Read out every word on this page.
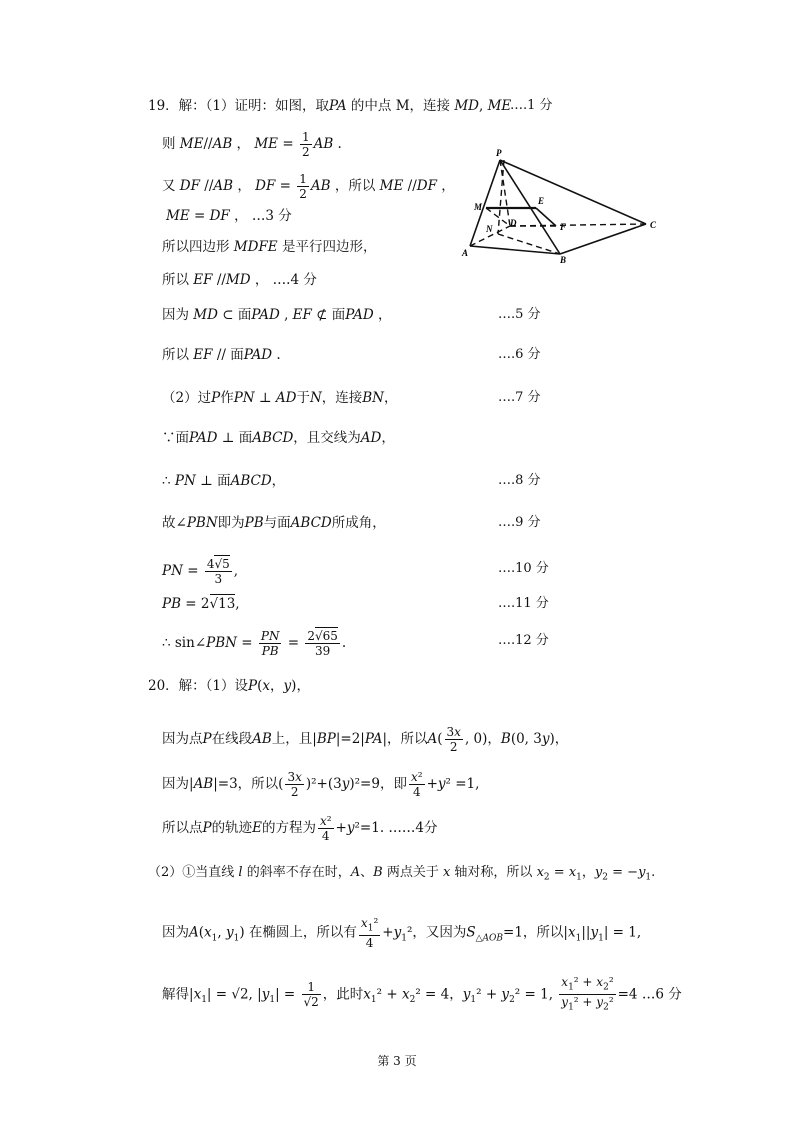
19．解：（1）证明：如图，取PA 的中点 M，连接 MD, ME
….1 分
则 ME//AB ， ME = $\frac{1}{2}$ AB .
又 DF //AB ， DF = $\frac{1}{2}$ AB ，所以 ME //DF ，
ME = DF ， …3 分
所以四边形 MDFE 是平行四边形，
所以 EF //MD ， ….4 分
P
M
E
D	F	C
A
N
B
因为 MD ⊂ 面PAD , EF ⊄ 面PAD ，	….5 分
所以 EF // 面PAD .	….6 分
（2）过P作PN ⊥ AD于N，连接BN，	….7 分
∵面PAD ⊥ 面ABCD，且交线为AD，
∴ PN ⊥ 面ABCD，	….8 分
故∠PBN即为PB与面ABCD所成角，	….9 分
PN = $\frac{4√5}{3}$ ,	….10 分
PB = 2√13,	….11 分
∴ sin∠PBN = $\frac{PN}{PB} = \frac{2√65}{39}$ .	….12 分
20．解：（1）设P(x，y)，
因为点P在线段AB上，且|BP|=2|PA|，所以$A( \frac{3x}{2}$ , 0)，B(0, 3y)，
因为|AB|=3，所以( $\frac{3x}{2} )^2+(3y)^2=9$，即 $\frac{\text{x²}}{4} +y^2 =1$,
所以点P的轨迹E的方程为 $\frac{\text{x²}}{4} +y^2=1$. ……4分
（2）①当直线 l 的斜率不存在时，A、B 两点关于 x 轴对称，所以 $x_2 = x_1$，$y_2 = -y_1$.
因为$A(x_1$, $y_1$) 在椭圆上，所以有 $\frac{x_1^2}{4} +y_1^2$，又因为$S_{\triangle AOB}=1$，所以$|x_1||y_1| = 1$,
解得$|x_1| = √2$, $|y_1| = \frac{1}{√2}$ ，此时$x_1^2 + x_2^2 = 4$，$y_1^2 + y_2^2 = 1$, $\frac{x_1^2 + x_2^2}{y_1^2 + y_2^2} =4$ …6 分
第 3 页
